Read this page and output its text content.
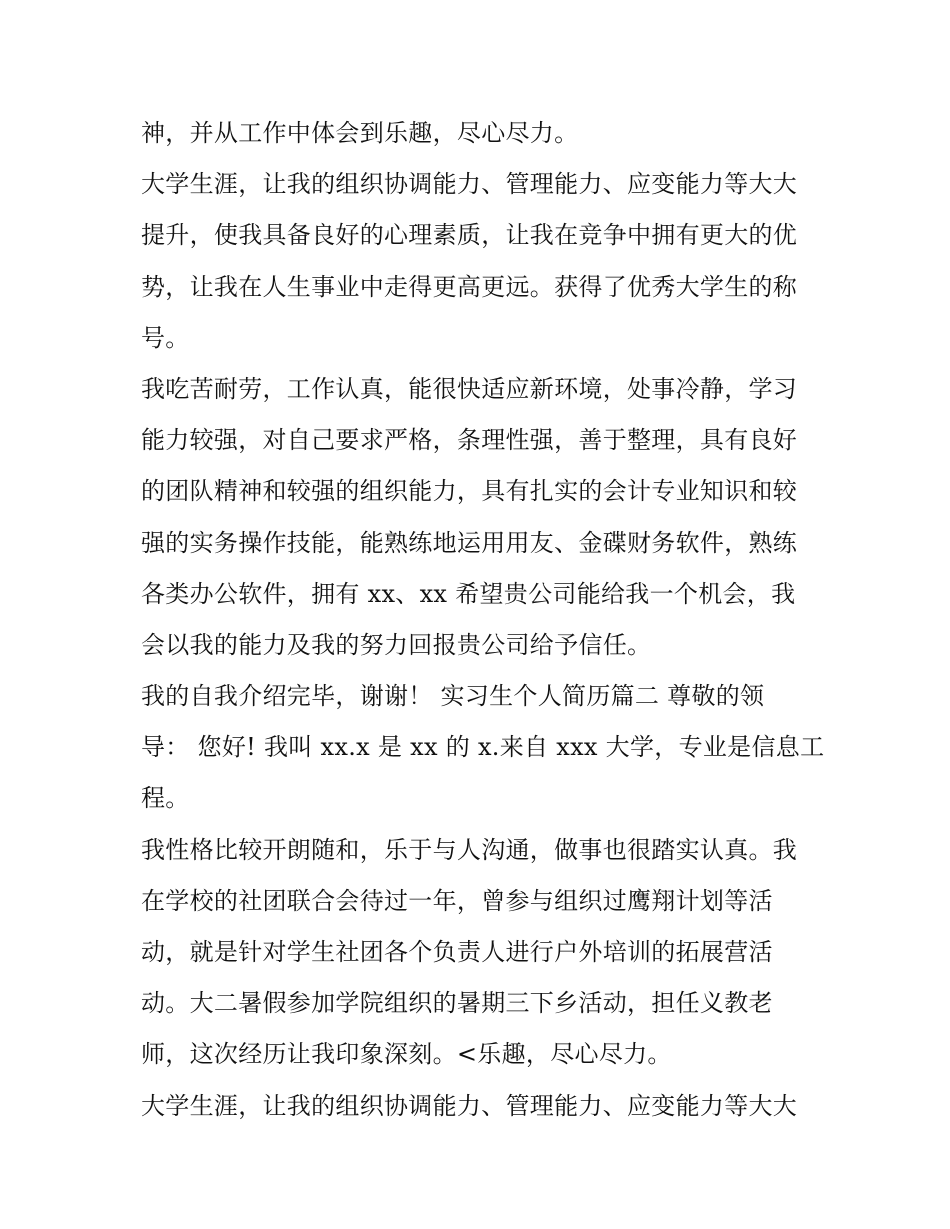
神，并从工作中体会到乐趣，尽心尽力。
大学生涯，让我的组织协调能力、管理能力、应变能力等大大
提升，使我具备良好的心理素质，让我在竞争中拥有更大的优
势，让我在人生事业中走得更高更远。获得了优秀大学生的称
号。
我吃苦耐劳，工作认真，能很快适应新环境，处事冷静，学习
能力较强，对自己要求严格，条理性强，善于整理，具有良好
的团队精神和较强的组织能力，具有扎实的会计专业知识和较
强的实务操作技能，能熟练地运用用友、金碟财务软件，熟练
各类办公软件，拥有 xx、xx 希望贵公司能给我一个机会，我
会以我的能力及我的努力回报贵公司给予信任。
我的自我介绍完毕，谢谢！ 实习生个人简历篇二 尊敬的领
导： 您好! 我叫 xx.x 是 xx 的 x.来自 xxx 大学，专业是信息工
程。
我性格比较开朗随和，乐于与人沟通，做事也很踏实认真。我
在学校的社团联合会待过一年，曾参与组织过鹰翔计划等活
动，就是针对学生社团各个负责人进行户外培训的拓展营活
动。大二暑假参加学院组织的暑期三下乡活动，担任义教老
师，这次经历让我印象深刻。<乐趣，尽心尽力。
大学生涯，让我的组织协调能力、管理能力、应变能力等大大
